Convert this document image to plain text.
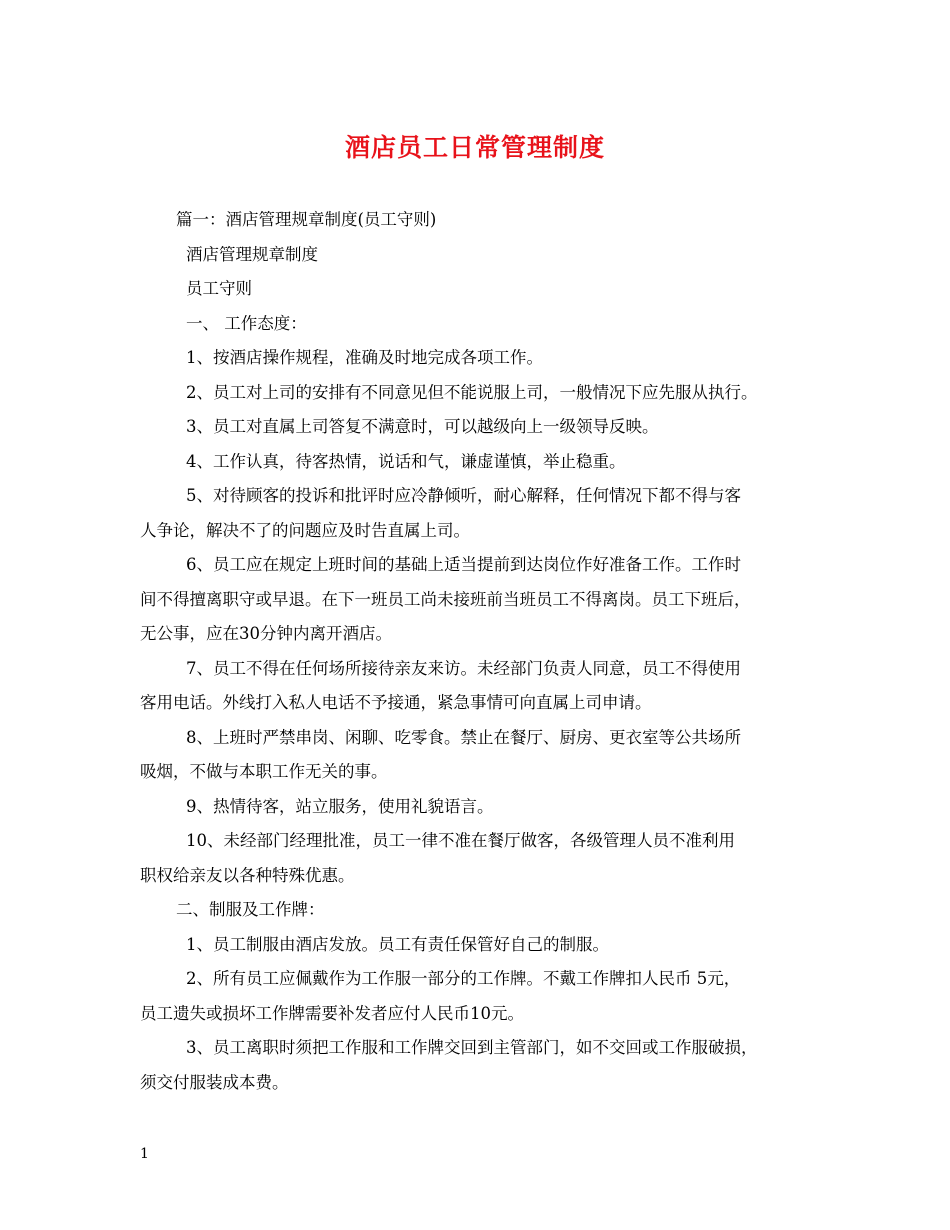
酒店员工日常管理制度
篇一：酒店管理规章制度(员工守则)
酒店管理规章制度
员工守则
一、 工作态度：
1、按酒店操作规程，准确及时地完成各项工作。
2、员工对上司的安排有不同意见但不能说服上司，一般情况下应先服从执行。
3、员工对直属上司答复不满意时，可以越级向上一级领导反映。
4、工作认真，待客热情，说话和气，谦虚谨慎，举止稳重。
5、对待顾客的投诉和批评时应冷静倾听，耐心解释，任何情况下都不得与客
人争论，解决不了的问题应及时告直属上司。
6、员工应在规定上班时间的基础上适当提前到达岗位作好准备工作。工作时
间不得擅离职守或早退。在下一班员工尚未接班前当班员工不得离岗。员工下班后，
无公事，应在30分钟内离开酒店。
7、员工不得在任何场所接待亲友来访。未经部门负责人同意，员工不得使用
客用电话。外线打入私人电话不予接通，紧急事情可向直属上司申请。
8、上班时严禁串岗、闲聊、吃零食。禁止在餐厅、厨房、更衣室等公共场所
吸烟，不做与本职工作无关的事。
9、热情待客，站立服务，使用礼貌语言。
10、未经部门经理批准，员工一律不准在餐厅做客，各级管理人员不准利用
职权给亲友以各种特殊优惠。
二、制服及工作牌：
1、员工制服由酒店发放。员工有责任保管好自己的制服。
2、所有员工应佩戴作为工作服一部分的工作牌。不戴工作牌扣人民币 5元，
员工遗失或损坏工作牌需要补发者应付人民币10元。
3、员工离职时须把工作服和工作牌交回到主管部门，如不交回或工作服破损，
须交付服装成本费。
1
